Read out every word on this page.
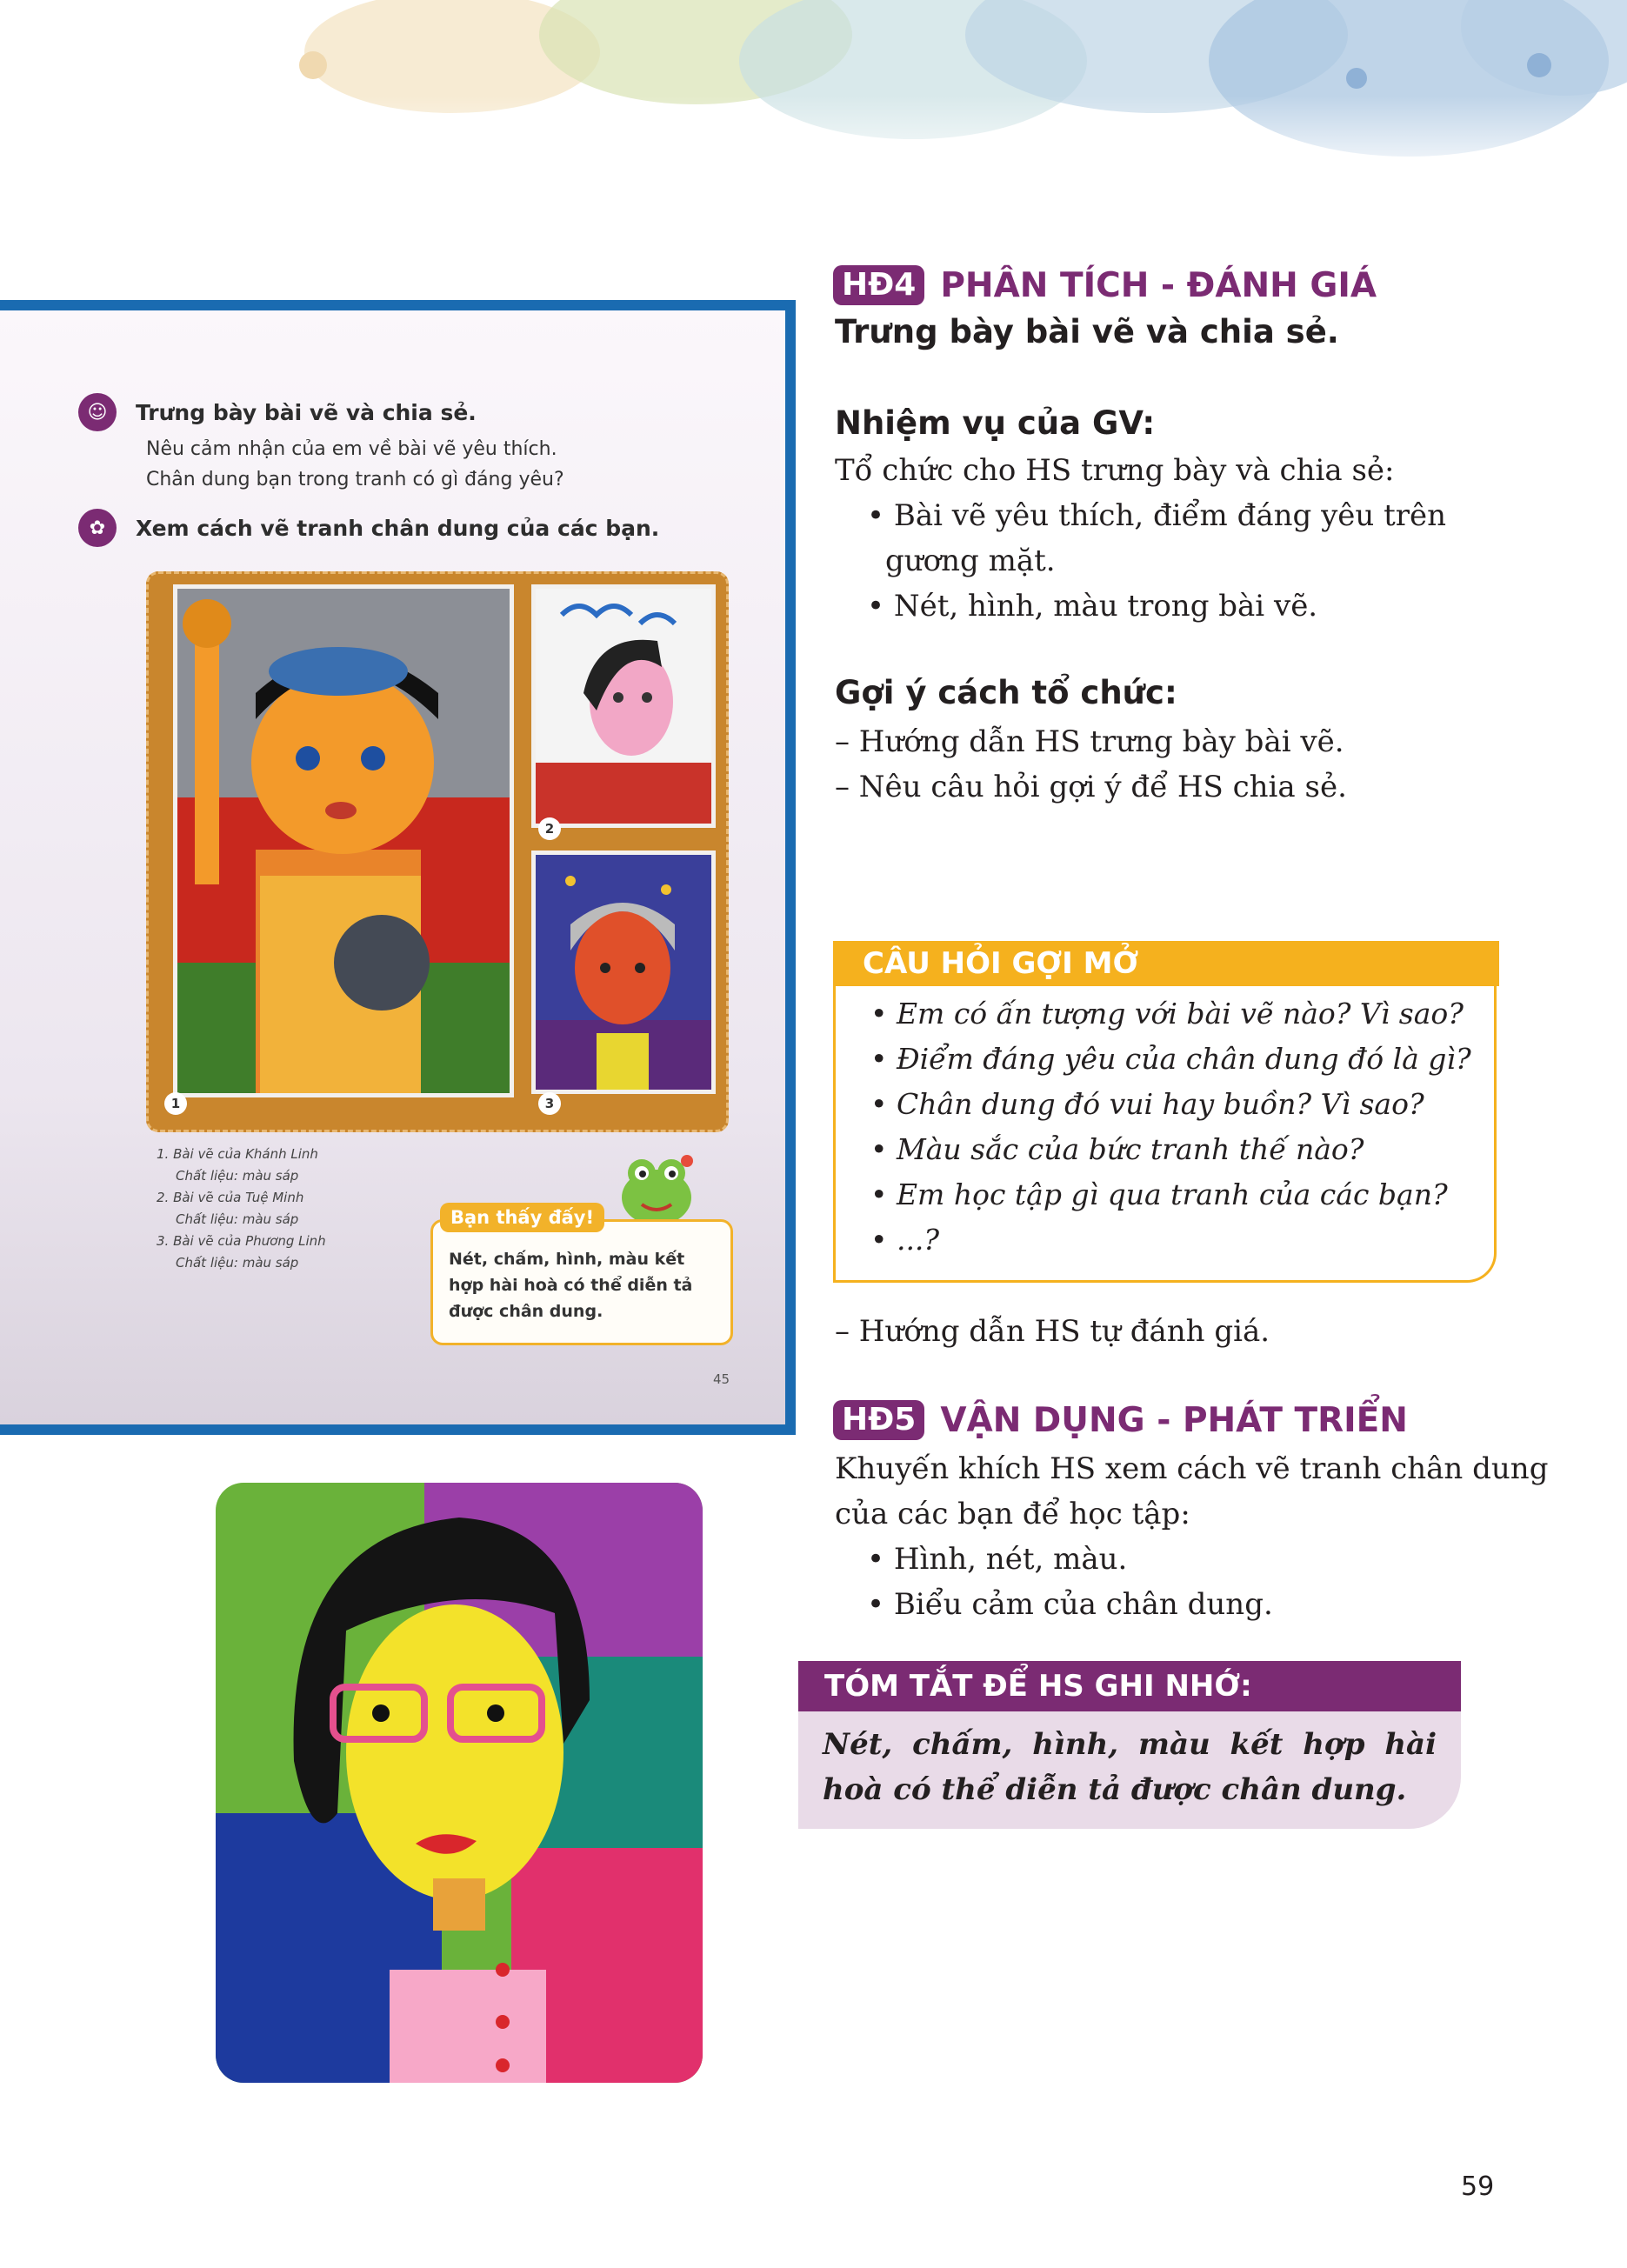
☺	Trưng bày bài vẽ và chia sẻ.
Nêu cảm nhận của em về bài vẽ yêu thích.
Chân dung bạn trong tranh có gì đáng yêu?
✿	Xem cách vẽ tranh chân dung của các bạn.
1
2
3
1. Bài vẽ của Khánh Linh
Chất liệu: màu sáp
2. Bài vẽ của Tuệ Minh
Chất liệu: màu sáp
3. Bài vẽ của Phương Linh
Chất liệu: màu sáp
Bạn thấy đấy!
Nét, chấm, hình, màu kết hợp hài hoà có thể diễn tả được chân dung.
45
HĐ4 PHÂN TÍCH - ĐÁNH GIÁ
Trưng bày bài vẽ và chia sẻ.
Nhiệm vụ của GV:
Tổ chức cho HS trưng bày và chia sẻ:
• Bài vẽ yêu thích, điểm đáng yêu trên
gương mặt.
• Nét, hình, màu trong bài vẽ.
Gợi ý cách tổ chức:
– Hướng dẫn HS trưng bày bài vẽ.
– Nêu câu hỏi gợi ý để HS chia sẻ.
CÂU HỎI GỢI MỞ
• Em có ấn tượng với bài vẽ nào? Vì sao?
• Điểm đáng yêu của chân dung đó là gì?
• Chân dung đó vui hay buồn? Vì sao?
• Màu sắc của bức tranh thế nào?
• Em học tập gì qua tranh của các bạn?
• ...?
– Hướng dẫn HS tự đánh giá.
HĐ5 VẬN DỤNG - PHÁT TRIỂN
Khuyến khích HS xem cách vẽ tranh chân dung
của các bạn để học tập:
• Hình, nét, màu.
• Biểu cảm của chân dung.
TÓM TẮT ĐỂ HS GHI NHỚ:
Nét, chấm, hình, màu kết hợp hài hoà có thể diễn tả được chân dung.
59
